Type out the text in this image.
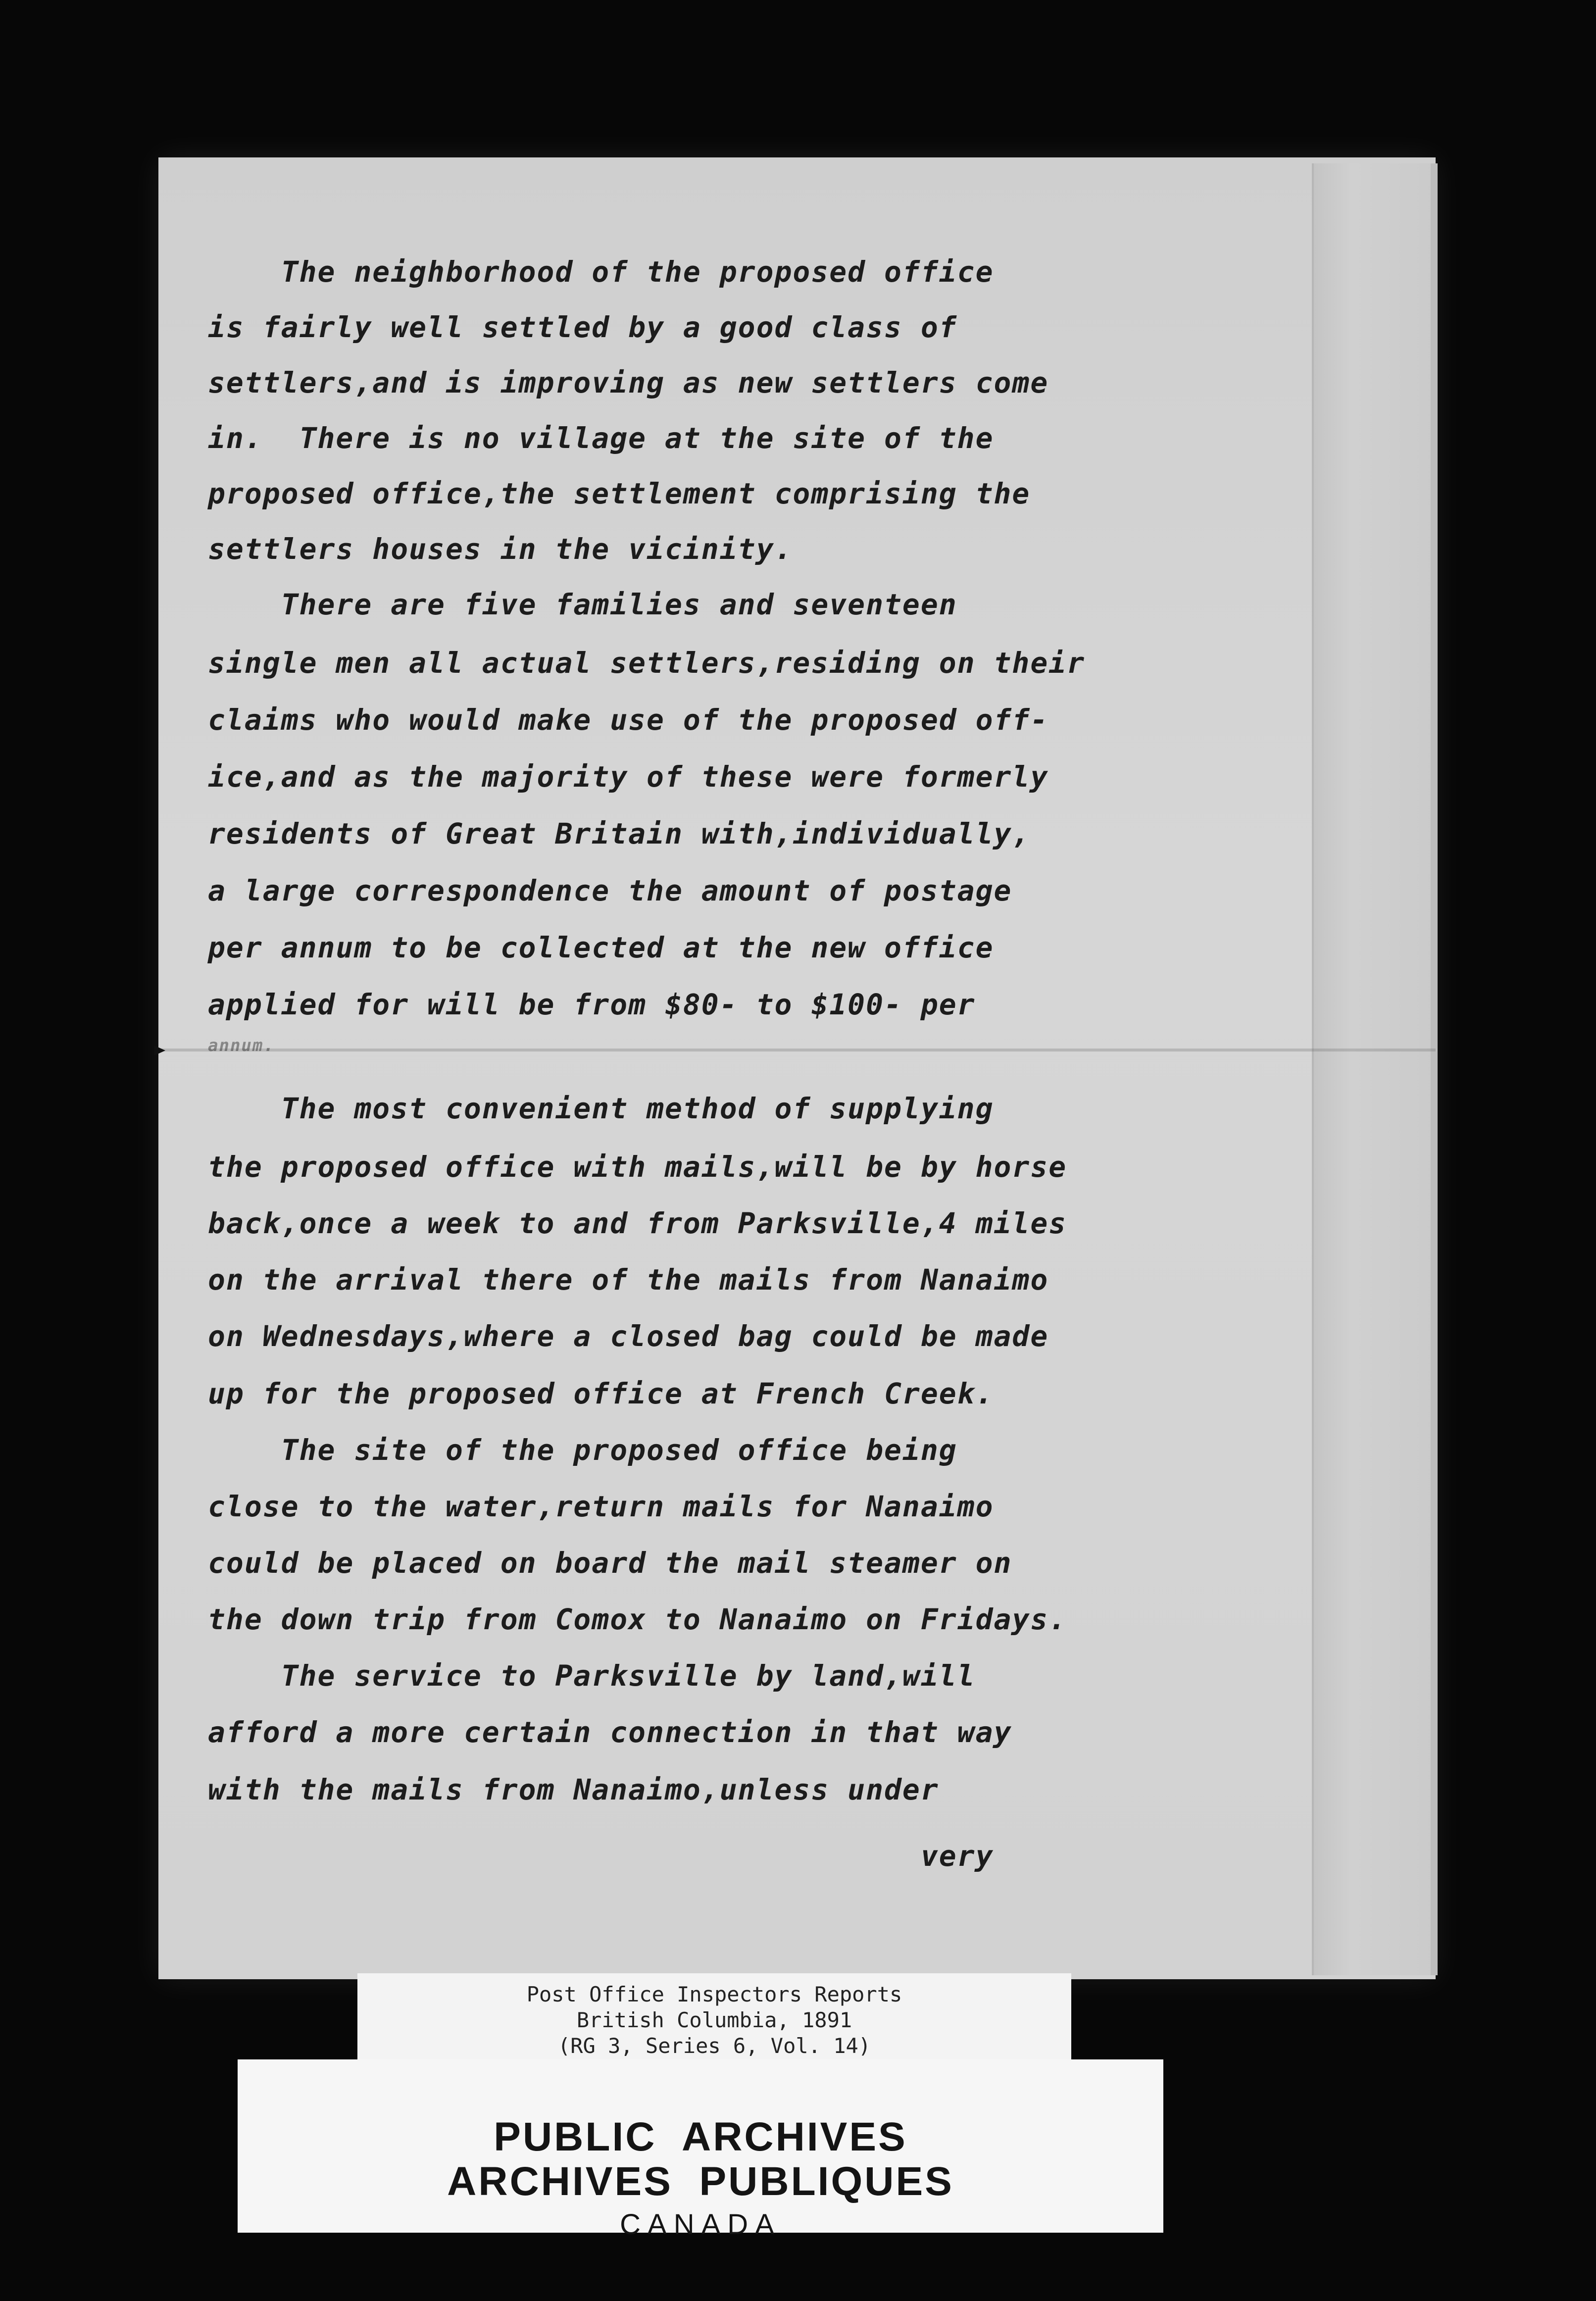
The neighborhood of the proposed office
is fairly well settled by a good class of
settlers,and is improving as new settlers come
in.  There is no village at the site of the
proposed office,the settlement comprising the
settlers houses in the vicinity.
There are five families and seventeen
single men all actual settlers,residing on their
claims who would make use of the proposed off-
ice,and as the majority of these were formerly
residents of Great Britain with,individually,
a large correspondence the amount of postage
per annum to be collected at the new office
applied for will be from $80- to $100- per
annum.
The most convenient method of supplying
the proposed office with mails,will be by horse
back,once a week to and from Parksville,4 miles
on the arrival there of the mails from Nanaimo
on Wednesdays,where a closed bag could be made
up for the proposed office at French Creek.
The site of the proposed office being
close to the water,return mails for Nanaimo
could be placed on board the mail steamer on
the down trip from Comox to Nanaimo on Fridays.
The service to Parksville by land,will
afford a more certain connection in that way
with the mails from Nanaimo,unless under
very
Post Office Inspectors Reports
British Columbia, 1891
(RG 3, Series 6, Vol. 14)
PUBLIC  ARCHIVES
ARCHIVES  PUBLIQUES
CANADA
